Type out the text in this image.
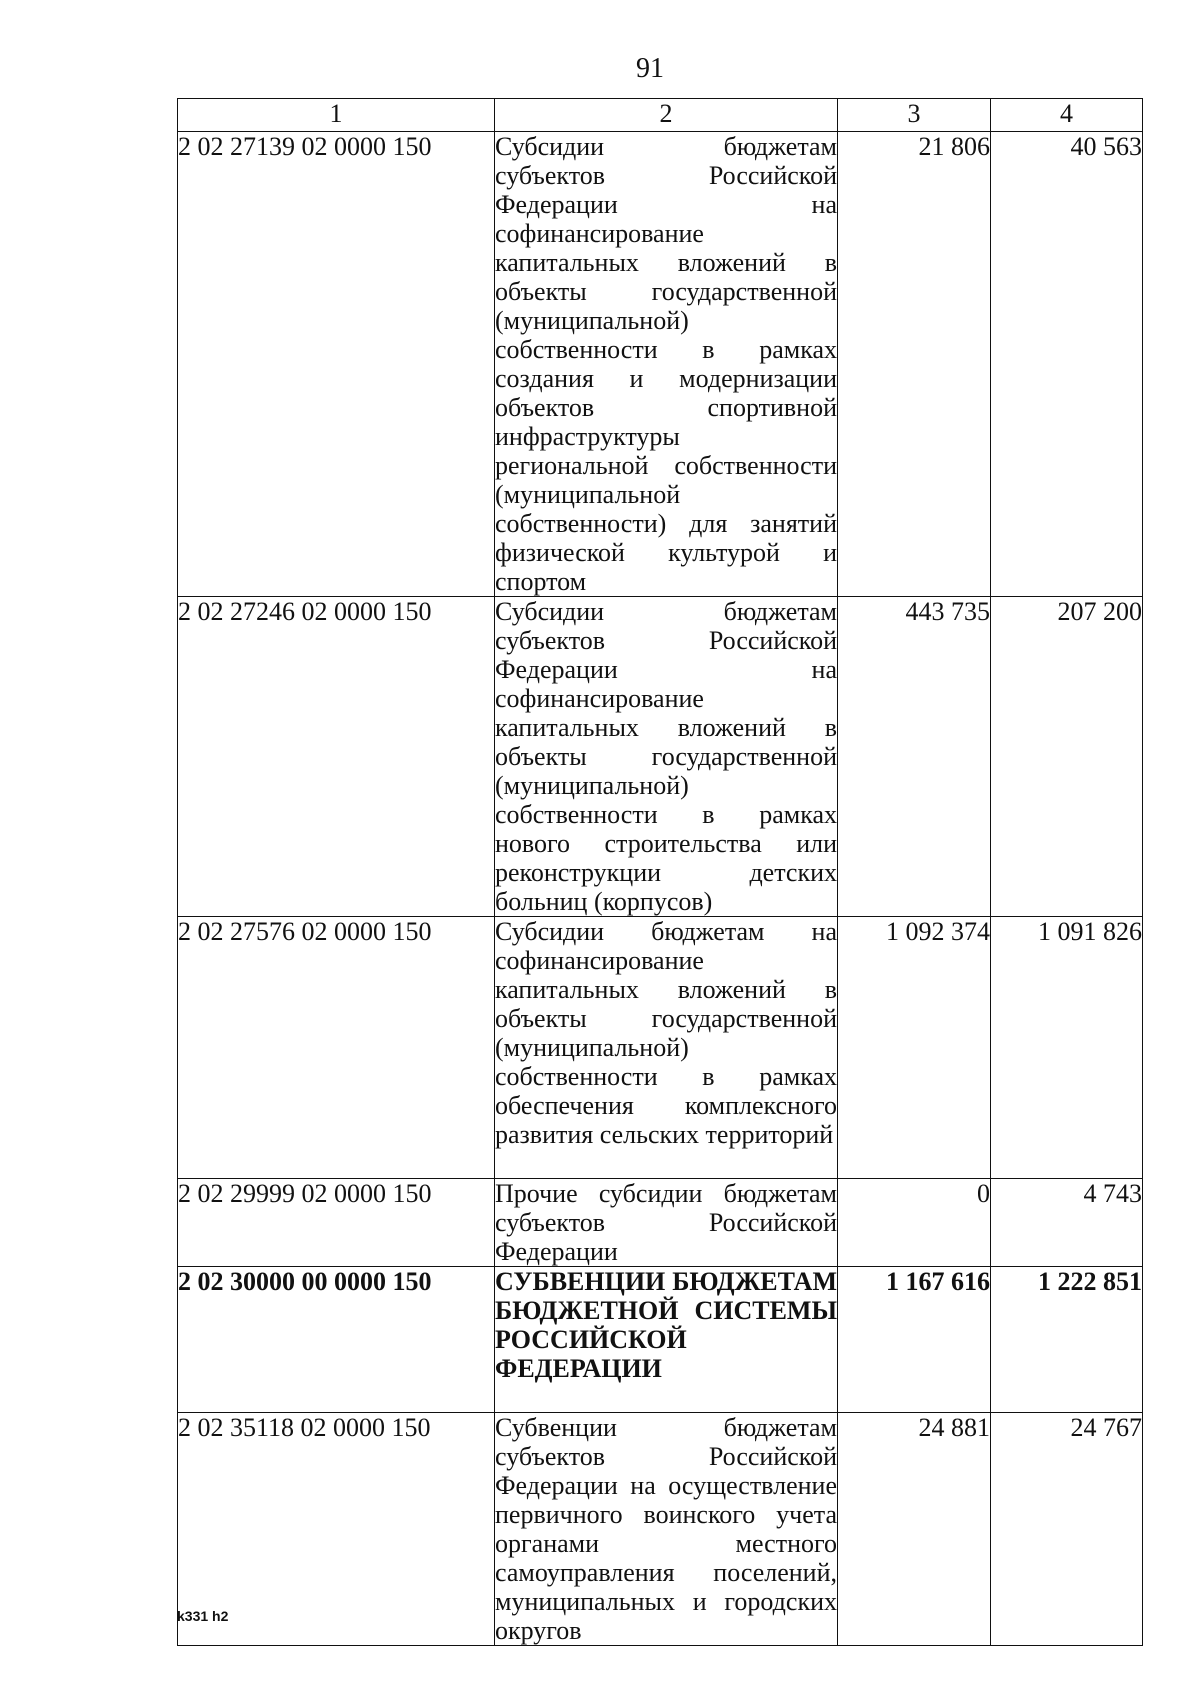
91
1	2	3	4
2 02 27139 02 0000 150	Субсидии бюджетам субъектов Российской Федерации на софинансирование капитальных вложений в объекты государственной (муниципальной) собственности в рамках создания и модернизации объектов спортивной инфраструктуры региональной собственности (муниципальной собственности) для занятий физической культурой и спортом	21 806	40 563
2 02 27246 02 0000 150	Субсидии бюджетам субъектов Российской Федерации на софинансирование капитальных вложений в объекты государственной (муниципальной) собственности в рамках нового строительства или реконструкции детских больниц (корпусов)	443 735	207 200
2 02 27576 02 0000 150	Субсидии бюджетам на софинансирование капитальных вложений в объекты государственной (муниципальной) собственности в рамках обеспечения комплексного развития сельских территорий	1 092 374	1 091 826
2 02 29999 02 0000 150	Прочие субсидии бюджетам субъектов Российской Федерации	0	4 743
2 02 30000 00 0000 150	СУБВЕНЦИИ БЮДЖЕТАМ БЮДЖЕТНОЙ СИСТЕМЫ РОССИЙСКОЙ ФЕДЕРАЦИИ	1 167 616	1 222 851
2 02 35118 02 0000 150	Субвенции бюджетам субъектов Российской Федерации на осуществление первичного воинского учета органами местного самоуправления поселений, муниципальных и городских округов	24 881	24 767
k331 h2
